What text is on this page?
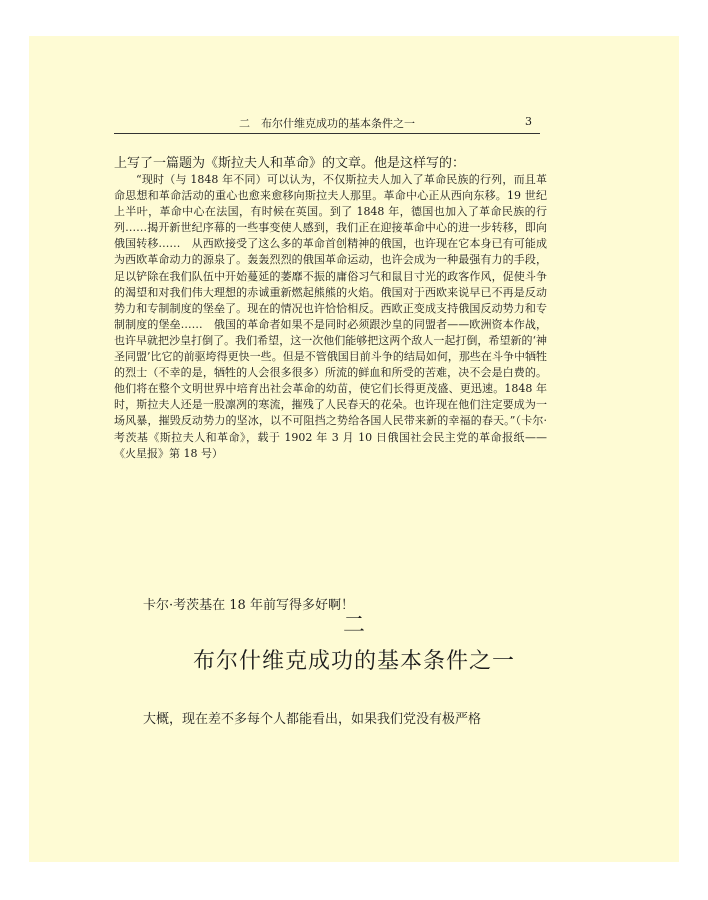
二　布尔什维克成功的基本条件之一	3
上写了一篇题为《斯拉夫人和革命》的文章。他是这样写的：

“现时（与 1848 年不同）可以认为，不仅斯拉夫人加入了革命民族的行列，而且革命思想和革命活动的重心也愈来愈移向斯拉夫人那里。革命中心正从西向东移。19 世纪上半叶，革命中心在法国，有时候在英国。到了 1848 年，德国也加入了革命民族的行列……揭开新世纪序幕的一些事变使人感到，我们正在迎接革命中心的进一步转移，即向俄国转移……　从西欧接受了这么多的革命首创精神的俄国，也许现在它本身已有可能成为西欧革命动力的源泉了。轰轰烈烈的俄国革命运动，也许会成为一种最强有力的手段，足以铲除在我们队伍中开始蔓延的萎靡不振的庸俗习气和鼠目寸光的政客作风，促使斗争的渴望和对我们伟大理想的赤诚重新燃起熊熊的火焰。俄国对于西欧来说早已不再是反动势力和专制制度的堡垒了。现在的情况也许恰恰相反。西欧正变成支持俄国反动势力和专制制度的堡垒……　俄国的革命者如果不是同时必须跟沙皇的同盟者——欧洲资本作战，也许早就把沙皇打倒了。我们希望，这一次他们能够把这两个敌人一起打倒，希望新的‘神圣同盟’比它的前驱垮得更快一些。但是不管俄国目前斗争的结局如何，那些在斗争中牺牲的烈士（不幸的是，牺牲的人会很多很多）所流的鲜血和所受的苦难，决不会是白费的。他们将在整个文明世界中培育出社会革命的幼苗，使它们长得更茂盛、更迅速。1848 年时，斯拉夫人还是一股凛冽的寒流，摧残了人民春天的花朵。也许现在他们注定要成为一场风暴，摧毁反动势力的坚冰，以不可阻挡之势给各国人民带来新的幸福的春天。”（卡尔·考茨基《斯拉夫人和革命》，载于 1902 年 3 月 10 日俄国社会民主党的革命报纸——《火星报》第 18 号）

卡尔·考茨基在 18 年前写得多好啊！
二
布尔什维克成功的基本条件之一
大概，现在差不多每个人都能看出，如果我们党没有极严格
